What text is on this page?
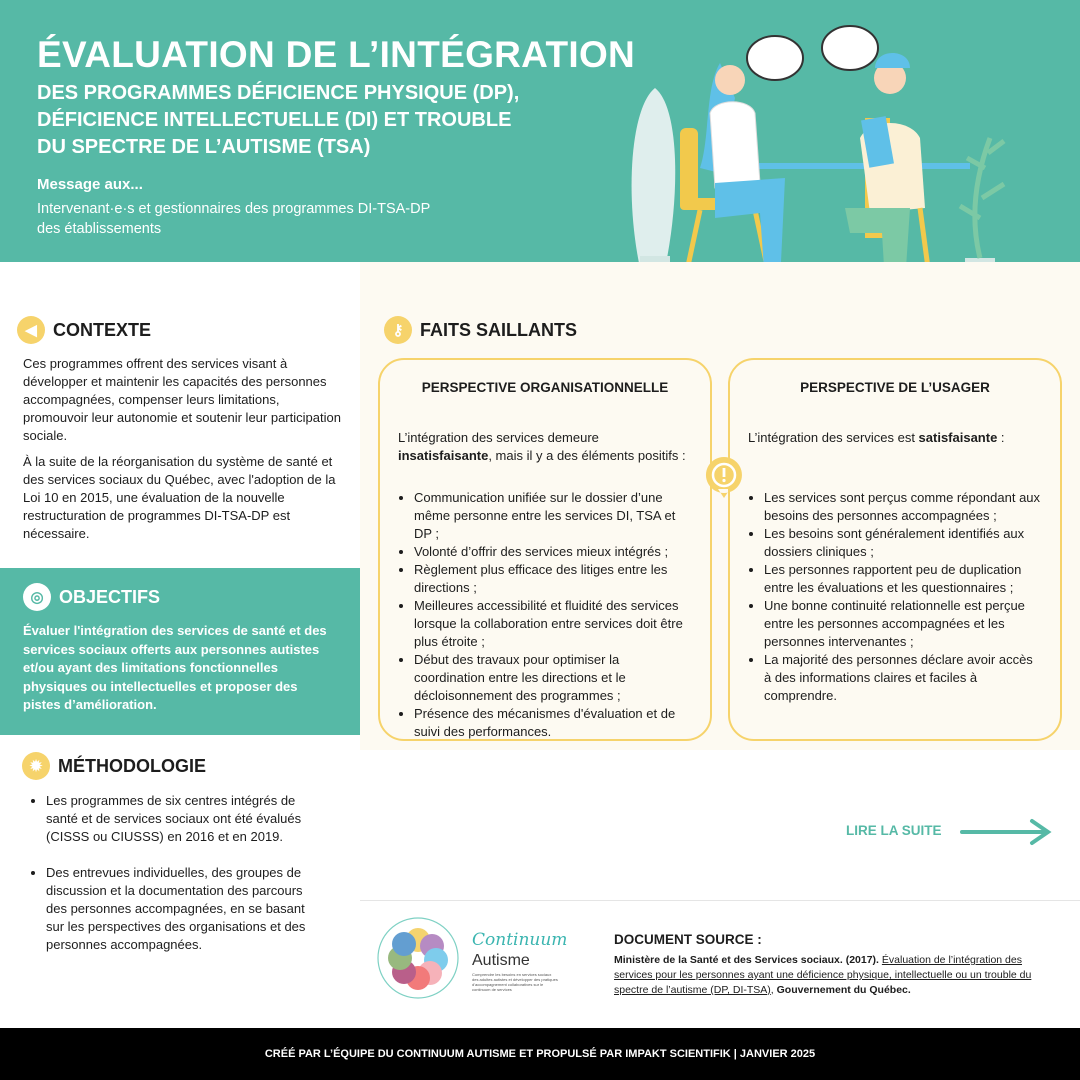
ÉVALUATION DE L’INTÉGRATION
DES PROGRAMMES DÉFICIENCE PHYSIQUE (DP),
DÉFICIENCE INTELLECTUELLE (DI) ET TROUBLE
DU SPECTRE DE L’AUTISME (TSA)
Message aux...
Intervenant·e·s et gestionnaires des programmes DI-TSA-DP
des établissements
◀ CONTEXTE

Ces programmes offrent des services visant à développer et maintenir les capacités des personnes accompagnées, compenser leurs limitations, promouvoir leur autonomie et soutenir leur participation sociale.

À la suite de la réorganisation du système de santé et des services sociaux du Québec, avec l'adoption de la Loi 10 en 2015, une évaluation de la nouvelle restructuration de programmes DI-TSA-DP est nécessaire.

◎ OBJECTIFS
Évaluer l'intégration des services de santé et des services sociaux offerts aux personnes autistes et/ou ayant des limitations fonctionnelles physiques ou intellectuelles et proposer des pistes d’amélioration.
✹ MÉTHODOLOGIE
• Les programmes de six centres intégrés de santé et de services sociaux ont été évalués (CISSS ou CIUSSS) en 2016 et en 2019.
• Des entrevues individuelles, des groupes de discussion et la documentation des parcours des personnes accompagnées, en se basant sur les perspectives des organisations et des personnes accompagnées.
⚷ FAITS SAILLANTS
PERSPECTIVE ORGANISATIONNELLE
L’intégration des services demeure insatisfaisante, mais il y a des éléments positifs :
• Communication unifiée sur le dossier d’une même personne entre les services DI, TSA et DP ;
• Volonté d’offrir des services mieux intégrés ;
• Règlement plus efficace des litiges entre les directions ;
• Meilleures accessibilité et fluidité des services lorsque la collaboration entre services doit être plus étroite ;
• Début des travaux pour optimiser la coordination entre les directions et le décloisonnement des programmes ;
• Présence des mécanismes d'évaluation et de suivi des performances.
PERSPECTIVE DE L’USAGER
L’intégration des services est satisfaisante :
• Les services sont perçus comme répondant aux besoins des personnes accompagnées ;
• Les besoins sont généralement identifiés aux dossiers cliniques ;
• Les personnes rapportent peu de duplication entre les évaluations et les questionnaires ;
• Une bonne continuité relationnelle est perçue entre les personnes accompagnées et les personnes intervenantes ;
• La majorité des personnes déclare avoir accès à des informations claires et faciles à comprendre.
LIRE LA SUITE
Continuum
Autisme
Comprendre les besoins en services sociaux des adultes autistes et développer des pratiques d'accompagnement collaboratives sur le continuum de services
DOCUMENT SOURCE :
Ministère de la Santé et des Services sociaux. (2017). Évaluation de l’intégration des services pour les personnes ayant une déficience physique, intellectuelle ou un trouble du spectre de l’autisme (DP, DI-TSA), Gouvernement du Québec.
CRÉÉ PAR L’ÉQUIPE DU CONTINUUM AUTISME ET PROPULSÉ PAR IMPAKT SCIENTIFIK | JANVIER 2025
